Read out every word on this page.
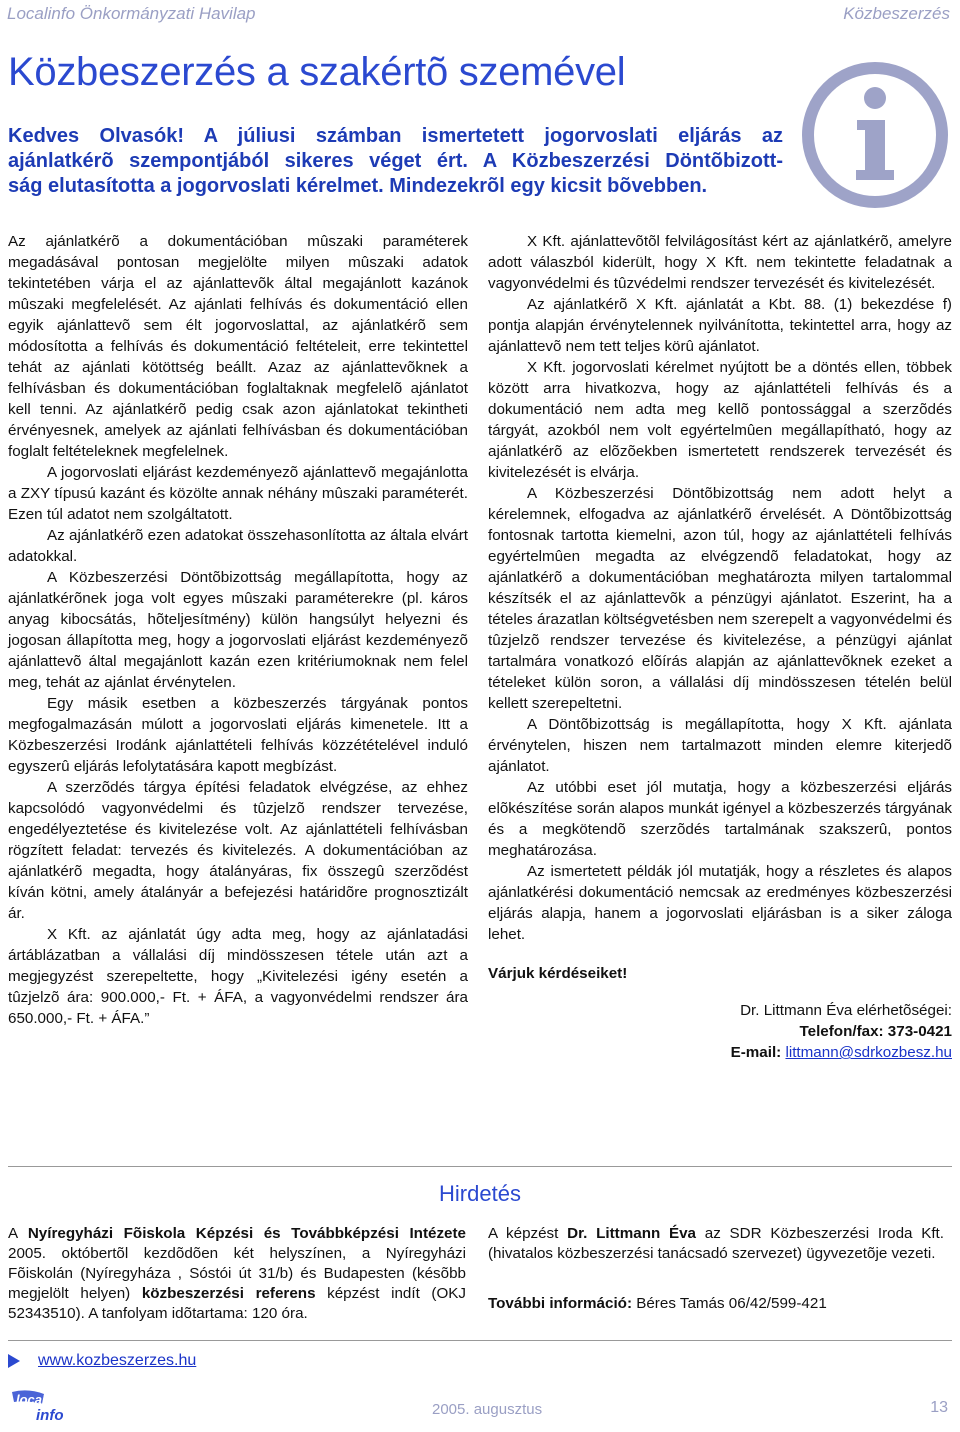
Localinfo Önkormányzati Havilap	Közbeszerzés
Közbeszerzés a szakértõ szemével
Kedves Olvasók! A júliusi számban ismertetett jogorvoslati eljárás az
ajánlatkérõ szempontjából sikeres véget ért. A Közbeszerzési Döntõbizott-
ság elutasította a jogorvoslati kérelmet. Mindezekrõl egy kicsit bõvebben.

Az ajánlatkérõ a dokumentációban mûszaki paraméterek megadásával pontosan megjelölte milyen mûszaki adatok tekintetében várja el az ajánlattevõk által megajánlott kazánok mûszaki megfelelését. Az ajánlati felhívás és dokumentáció ellen egyik ajánlattevõ sem élt jogorvoslattal, az ajánlatkérõ sem módosította a felhívás és dokumentáció feltételeit, erre tekintettel tehát az ajánlati kötöttség beállt. Azaz az ajánlattevõknek a felhívásban és dokumentációban foglaltaknak megfelelõ ajánlatot kell tenni. Az ajánlatkérõ pedig csak azon ajánlatokat tekintheti érvényesnek, amelyek az ajánlati felhívásban és dokumentációban foglalt feltételeknek megfelelnek.

A jogorvoslati eljárást kezdeményezõ ajánlattevõ megajánlotta a ZXY típusú kazánt és közölte annak néhány mûszaki paraméterét. Ezen túl adatot nem szolgáltatott.

Az ajánlatkérõ ezen adatokat összehasonlította az általa elvárt adatokkal.

A Közbeszerzési Döntõbizottság megállapította, hogy az ajánlatkérõnek joga volt egyes mûszaki paraméterekre (pl. káros anyag kibocsátás, hõteljesítmény) külön hangsúlyt helyezni és jogosan állapította meg, hogy a jogorvoslati eljárást kezdeményezõ ajánlattevõ által megajánlott kazán ezen kritériumoknak nem felel meg, tehát az ajánlat érvénytelen.

Egy másik esetben a közbeszerzés tárgyának pontos megfogalmazásán múlott a jogorvoslati eljárás kimenetele. Itt a Közbeszerzési Irodánk ajánlattételi felhívás közzétételével induló egyszerû eljárás lefolytatására kapott megbízást.

A szerzõdés tárgya építési feladatok elvégzése, az ehhez kapcsolódó vagyonvédelmi és tûzjelzõ rendszer tervezése, engedélyeztetése és kivitelezése volt. Az ajánlattételi felhívásban rögzített feladat: tervezés és kivitelezés. A dokumentációban az ajánlatkérõ megadta, hogy átalányáras, fix összegû szerzõdést kíván kötni, amely átalányár a befejezési határidõre prognosztizált ár.

X Kft. az ajánlatát úgy adta meg, hogy az ajánlatadási ártáblázatban a vállalási díj mindösszesen tétele után azt a megjegyzést szerepeltette, hogy „Kivitelezési igény esetén a tûzjelzõ ára: 900.000,- Ft. + ÁFA, a vagyonvédelmi rendszer ára 650.000,- Ft. + ÁFA.”

X Kft. ajánlattevõtõl felvilágosítást kért az ajánlatkérõ, amelyre adott válaszból kiderült, hogy X Kft. nem tekintette feladatnak a vagyonvédelmi és tûzvédelmi rendszer tervezését és kivitelezését.

Az ajánlatkérõ X Kft. ajánlatát a Kbt. 88. (1) bekezdése f) pontja alapján érvénytelennek nyilvánította, tekintettel arra, hogy az ajánlattevõ nem tett teljes körû ajánlatot.

X Kft. jogorvoslati kérelmet nyújtott be a döntés ellen, többek között arra hivatkozva, hogy az ajánlattételi felhívás és a dokumentáció nem adta meg kellõ pontossággal a szerzõdés tárgyát, azokból nem volt egyértelmûen megállapítható, hogy az ajánlatkérõ az elõzõekben ismertetett rendszerek tervezését és kivitelezését is elvárja.

A Közbeszerzési Döntõbizottság nem adott helyt a kérelemnek, elfogadva az ajánlatkérõ érvelését. A Döntõbizottság fontosnak tartotta kiemelni, azon túl, hogy az ajánlattételi felhívás egyértelmûen megadta az elvégzendõ feladatokat, hogy az ajánlatkérõ a dokumentációban meghatározta milyen tartalommal készítsék el az ajánlattevõk a pénzügyi ajánlatot. Eszerint, ha a tételes árazatlan költségvetésben nem szerepelt a vagyonvédelmi és tûzjelzõ rendszer tervezése és kivitelezése, a pénzügyi ajánlat tartalmára vonatkozó elõírás alapján az ajánlattevõknek ezeket a tételeket külön soron, a vállalási díj mindösszesen tételén belül kellett szerepeltetni.

A Döntõbizottság is megállapította, hogy X Kft. ajánlata érvénytelen, hiszen nem tartalmazott minden elemre kiterjedõ ajánlatot.

Az utóbbi eset jól mutatja, hogy a közbeszerzési eljárás elõkészítése során alapos munkát igényel a közbeszerzés tárgyának és a megkötendõ szerzõdés tartalmának szakszerû, pontos meghatározása.

Az ismertetett példák jól mutatják, hogy a részletes és alapos ajánlatkérési dokumentáció nemcsak az eredményes közbeszerzési eljárás alapja, hanem a jogorvoslati eljárásban is a siker záloga lehet.

Várjuk kérdéseiket!

Dr. Littmann Éva elérhetõségei:

Telefon/fax: 373-0421

E-mail: littmann@sdrkozbesz.hu

Hirdetés
A Nyíregyházi Fõiskola Képzési és Továbbképzési Intézete 2005. októbertõl kezdõdõen két helyszínen, a Nyíregyházi Fõiskolán (Nyíregyháza , Sóstói út 31/b) és Budapesten (késõbb megjelölt helyen) közbeszerzési referens képzést indít (OKJ 52343510). A tanfolyam idõtartama: 120 óra.

A képzést Dr. Littmann Éva az SDR Közbeszerzési Iroda Kft. (hivatalos közbeszerzési tanácsadó szervezet) ügyvezetõje vezeti.

További információ: Béres Tamás 06/42/599-421

www.kozbeszerzes.hu
local
info	2005. augusztus	13
